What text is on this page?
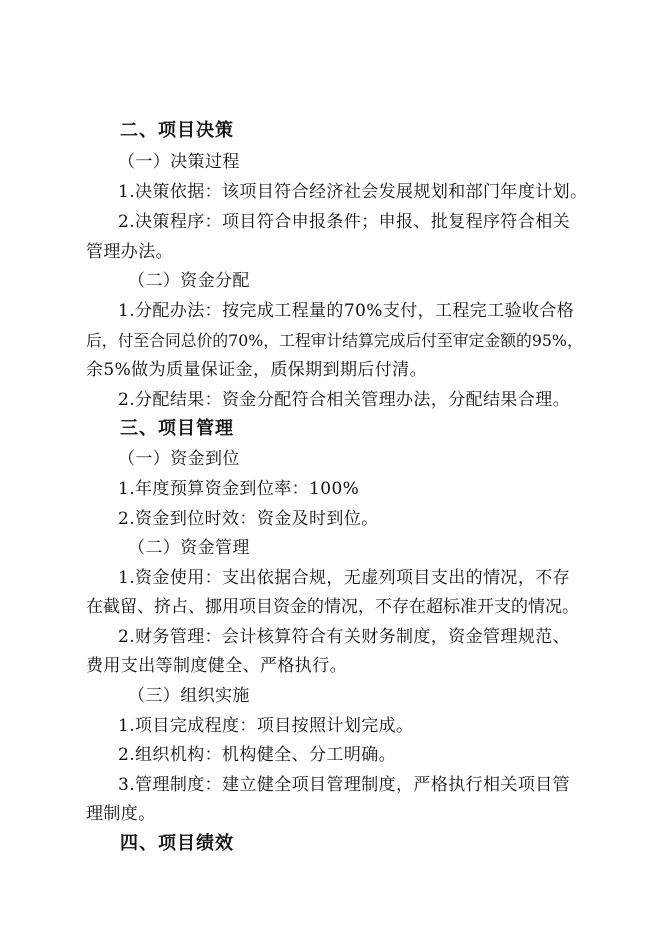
二、项目决策
（一）决策过程
1.决策依据：该项目符合经济社会发展规划和部门年度计划。
2.决策程序：项目符合申报条件；申报、批复程序符合相关
管理办法。
（二）资金分配
1.分配办法：按完成工程量的70%支付，工程完工验收合格
后，付至合同总价的70%，工程审计结算完成后付至审定金额的95%，
余5%做为质量保证金，质保期到期后付清。
2.分配结果：资金分配符合相关管理办法，分配结果合理。
三、项目管理
（一）资金到位
1.年度预算资金到位率：100%
2.资金到位时效：资金及时到位。
（二）资金管理
1.资金使用：支出依据合规，无虚列项目支出的情况，不存
在截留、挤占、挪用项目资金的情况，不存在超标准开支的情况。
2.财务管理：会计核算符合有关财务制度，资金管理规范、
费用支出等制度健全、严格执行。
（三）组织实施
1.项目完成程度：项目按照计划完成。
2.组织机构：机构健全、分工明确。
3.管理制度：建立健全项目管理制度，严格执行相关项目管
理制度。
四、项目绩效
